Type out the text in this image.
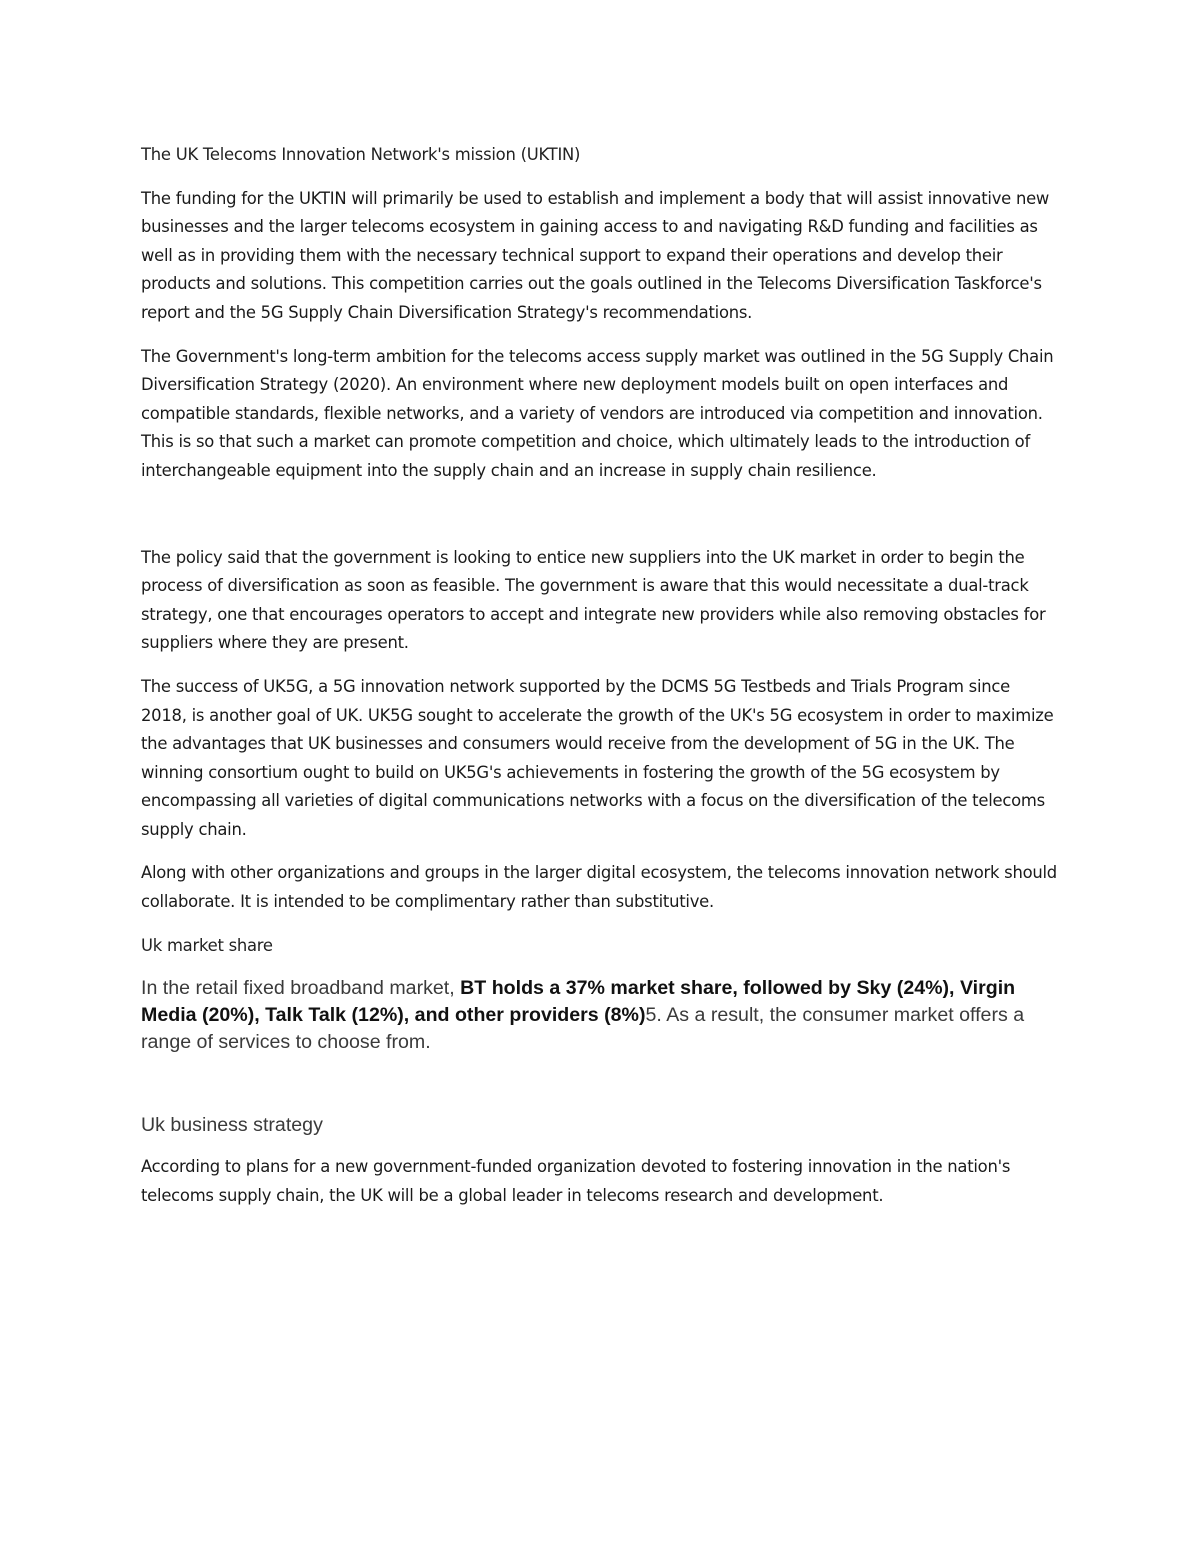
The UK Telecoms Innovation Network's mission (UKTIN)

The funding for the UKTIN will primarily be used to establish and implement a body that will assist innovative new businesses and the larger telecoms ecosystem in gaining access to and navigating R&D funding and facilities as well as in providing them with the necessary technical support to expand their operations and develop their products and solutions. This competition carries out the goals outlined in the Telecoms Diversification Taskforce's report and the 5G Supply Chain Diversification Strategy's recommendations.

The Government's long-term ambition for the telecoms access supply market was outlined in the 5G Supply Chain Diversification Strategy (2020). An environment where new deployment models built on open interfaces and compatible standards, flexible networks, and a variety of vendors are introduced via competition and innovation. This is so that such a market can promote competition and choice, which ultimately leads to the introduction of interchangeable equipment into the supply chain and an increase in supply chain resilience.

The policy said that the government is looking to entice new suppliers into the UK market in order to begin the process of diversification as soon as feasible. The government is aware that this would necessitate a dual-track strategy, one that encourages operators to accept and integrate new providers while also removing obstacles for suppliers where they are present.

The success of UK5G, a 5G innovation network supported by the DCMS 5G Testbeds and Trials Program since 2018, is another goal of UK. UK5G sought to accelerate the growth of the UK's 5G ecosystem in order to maximize the advantages that UK businesses and consumers would receive from the development of 5G in the UK. The winning consortium ought to build on UK5G's achievements in fostering the growth of the 5G ecosystem by encompassing all varieties of digital communications networks with a focus on the diversification of the telecoms supply chain.

Along with other organizations and groups in the larger digital ecosystem, the telecoms innovation network should collaborate. It is intended to be complimentary rather than substitutive.

Uk market share

In the retail fixed broadband market, BT holds a 37% market share, followed by Sky (24%), Virgin Media (20%), Talk Talk (12%), and other providers (8%)5. As a result, the consumer market offers a range of services to choose from.

Uk business strategy

According to plans for a new government-funded organization devoted to fostering innovation in the nation's telecoms supply chain, the UK will be a global leader in telecoms research and development.
